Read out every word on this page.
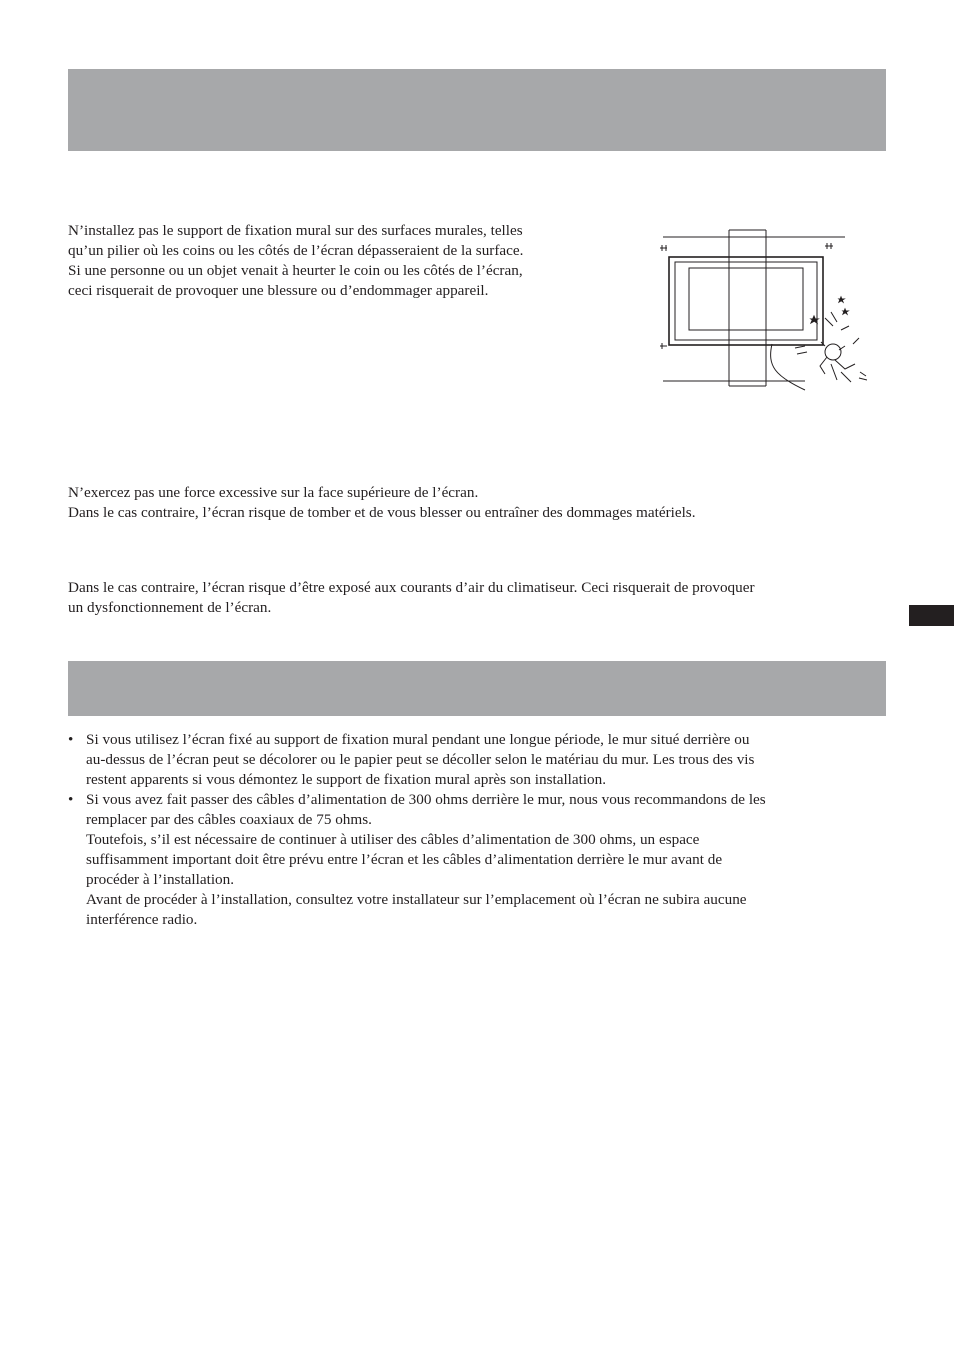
N’installez pas le support de fixation mural sur des surfaces murales, telles
qu’un pilier où les coins ou les côtés de l’écran dépasseraient de la surface.
Si une personne ou un objet venait à heurter le coin ou les côtés de l’écran,
ceci risquerait de provoquer une blessure ou d’endommager appareil.

N’exercez pas une force excessive sur la face supérieure de l’écran.
Dans le cas contraire, l’écran risque de tomber et de vous blesser ou entraîner des dommages matériels.

Dans le cas contraire, l’écran risque d’être exposé aux courants d’air du climatiseur. Ceci risquerait de provoquer
un dysfonctionnement de l’écran.

• Si vous utilisez l’écran fixé au support de fixation mural pendant une longue période, le mur situé derrière ou
au-dessus de l’écran peut se décolorer ou le papier peut se décoller selon le matériau du mur. Les trous des vis
restent apparents si vous démontez le support de fixation mural après son installation.
• Si vous avez fait passer des câbles d’alimentation de 300 ohms derrière le mur, nous vous recommandons de les
remplacer par des câbles coaxiaux de 75 ohms.
Toutefois, s’il est nécessaire de continuer à utiliser des câbles d’alimentation de 300 ohms, un espace
suffisamment important doit être prévu entre l’écran et les câbles d’alimentation derrière le mur avant de
procéder à l’installation.
Avant de procéder à l’installation, consultez votre installateur sur l’emplacement où l’écran ne subira aucune
interférence radio.
